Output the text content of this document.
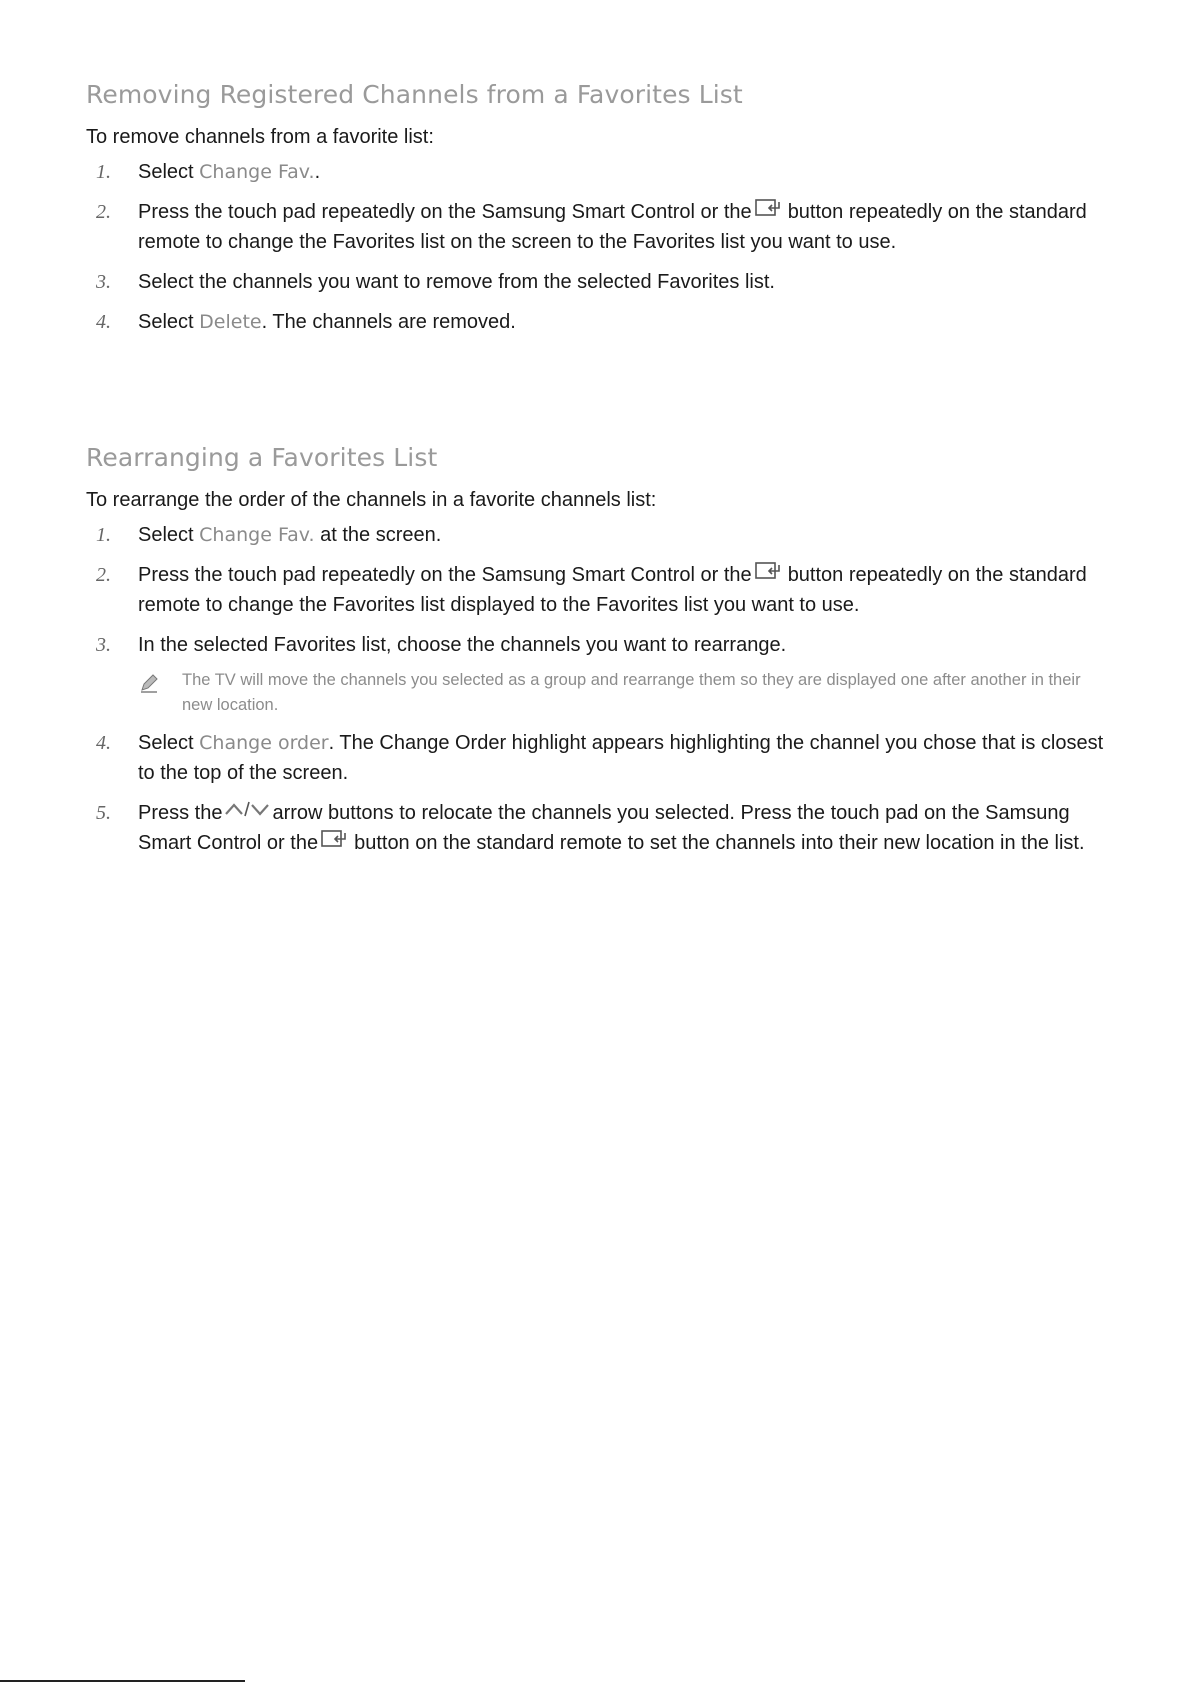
Removing Registered Channels from a Favorites List

To remove channels from a favorite list:

1.	Select Change Fav..
2.	Press the touch pad repeatedly on the Samsung Smart Control or the button repeatedly on the standard remote to change the Favorites list on the screen to the Favorites list you want to use.
3.	Select the channels you want to remove from the selected Favorites list.
4.	Select Delete. The channels are removed.
Rearranging a Favorites List

To rearrange the order of the channels in a favorite channels list:

1.	Select Change Fav. at the screen.
2.	Press the touch pad repeatedly on the Samsung Smart Control or the button repeatedly on the standard remote to change the Favorites list displayed to the Favorites list you want to use.
3.	In the selected Favorites list, choose the channels you want to rearrange.
The TV will move the channels you selected as a group and rearrange them so they are displayed one after another in their new location.
4.	Select Change order. The Change Order highlight appears highlighting the channel you chose that is closest to the top of the screen.
5.	Press the	arrow buttons to relocate the channels you selected. Press the touch pad on the Samsung Smart Control or the button on the standard remote to set the channels into their new location in the list.
